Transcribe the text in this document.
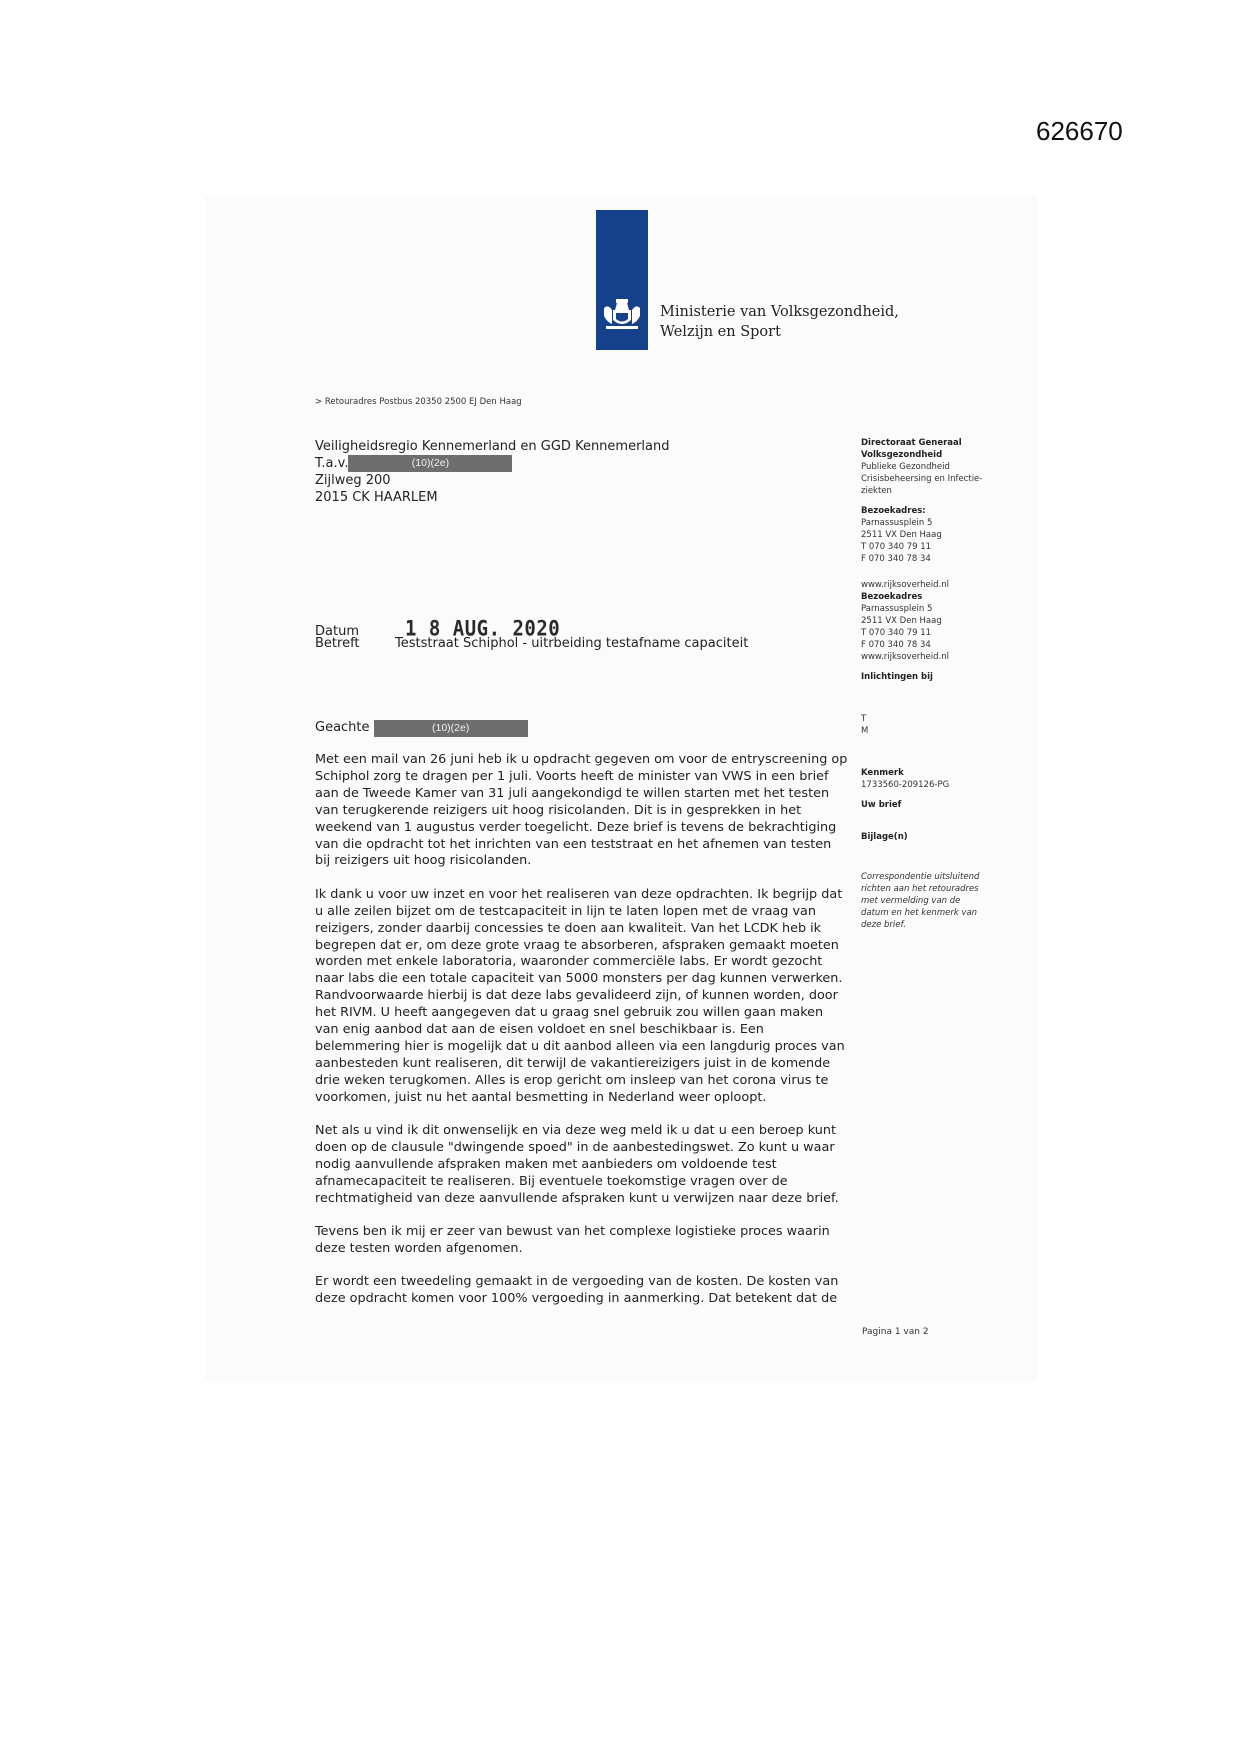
626670
Ministerie van Volksgezondheid,
Welzijn en Sport
> Retouradres Postbus 20350 2500 EJ Den Haag
Veiligheidsregio Kennemerland en GGD Kennemerland
T.a.v.	(10)(2e)
Zijlweg 200
2015 CK HAARLEM
Datum	1 8 AUG. 2020
Betreft	Teststraat Schiphol - uitrbeiding testafname capaciteit
Geachte	(10)(2e)

Met een mail van 26 juni heb ik u opdracht gegeven om voor de entryscreening op Schiphol zorg te dragen per 1 juli. Voorts heeft de minister van VWS in een brief aan de Tweede Kamer van 31 juli aangekondigd te willen starten met het testen van terugkerende reizigers uit hoog risicolanden. Dit is in gesprekken in het weekend van 1 augustus verder toegelicht. Deze brief is tevens de bekrachtiging van die opdracht tot het inrichten van een teststraat en het afnemen van testen bij reizigers uit hoog risicolanden.

Ik dank u voor uw inzet en voor het realiseren van deze opdrachten. Ik begrijp dat u alle zeilen bijzet om de testcapaciteit in lijn te laten lopen met de vraag van reizigers, zonder daarbij concessies te doen aan kwaliteit. Van het LCDK heb ik begrepen dat er, om deze grote vraag te absorberen, afspraken gemaakt moeten worden met enkele laboratoria, waaronder commerciële labs. Er wordt gezocht naar labs die een totale capaciteit van 5000 monsters per dag kunnen verwerken. Randvoorwaarde hierbij is dat deze labs gevalideerd zijn, of kunnen worden, door het RIVM. U heeft aangegeven dat u graag snel gebruik zou willen gaan maken van enig aanbod dat aan de eisen voldoet en snel beschikbaar is. Een belemmering hier is mogelijk dat u dit aanbod alleen via een langdurig proces van aanbesteden kunt realiseren, dit terwijl de vakantiereizigers juist in de komende drie weken terugkomen. Alles is erop gericht om insleep van het corona virus te voorkomen, juist nu het aantal besmetting in Nederland weer oploopt.

Net als u vind ik dit onwenselijk en via deze weg meld ik u dat u een beroep kunt doen op de clausule "dwingende spoed" in de aanbestedingswet. Zo kunt u waar nodig aanvullende afspraken maken met aanbieders om voldoende test afnamecapaciteit te realiseren. Bij eventuele toekomstige vragen over de rechtmatigheid van deze aanvullende afspraken kunt u verwijzen naar deze brief.

Tevens ben ik mij er zeer van bewust van het complexe logistieke proces waarin deze testen worden afgenomen.

Er wordt een tweedeling gemaakt in de vergoeding van de kosten. De kosten van deze opdracht komen voor 100% vergoeding in aanmerking. Dat betekent dat de

Directoraat Generaal
Volksgezondheid
Publieke Gezondheid
Crisisbeheersing en Infectie-
ziekten
Bezoekadres:
Parnassusplein 5
2511 VX Den Haag
T 070 340 79 11
F 070 340 78 34
www.rijksoverheid.nl
Bezoekadres
Parnassusplein 5
2511 VX Den Haag
T 070 340 79 11
F 070 340 78 34
www.rijksoverheid.nl
Inlichtingen bij
T
M
Kenmerk
1733560-209126-PG
Uw brief
Bijlage(n)
Correspondentie uitsluitend
richten aan het retouradres
met vermelding van de
datum en het kenmerk van
deze brief.
Pagina 1 van 2
